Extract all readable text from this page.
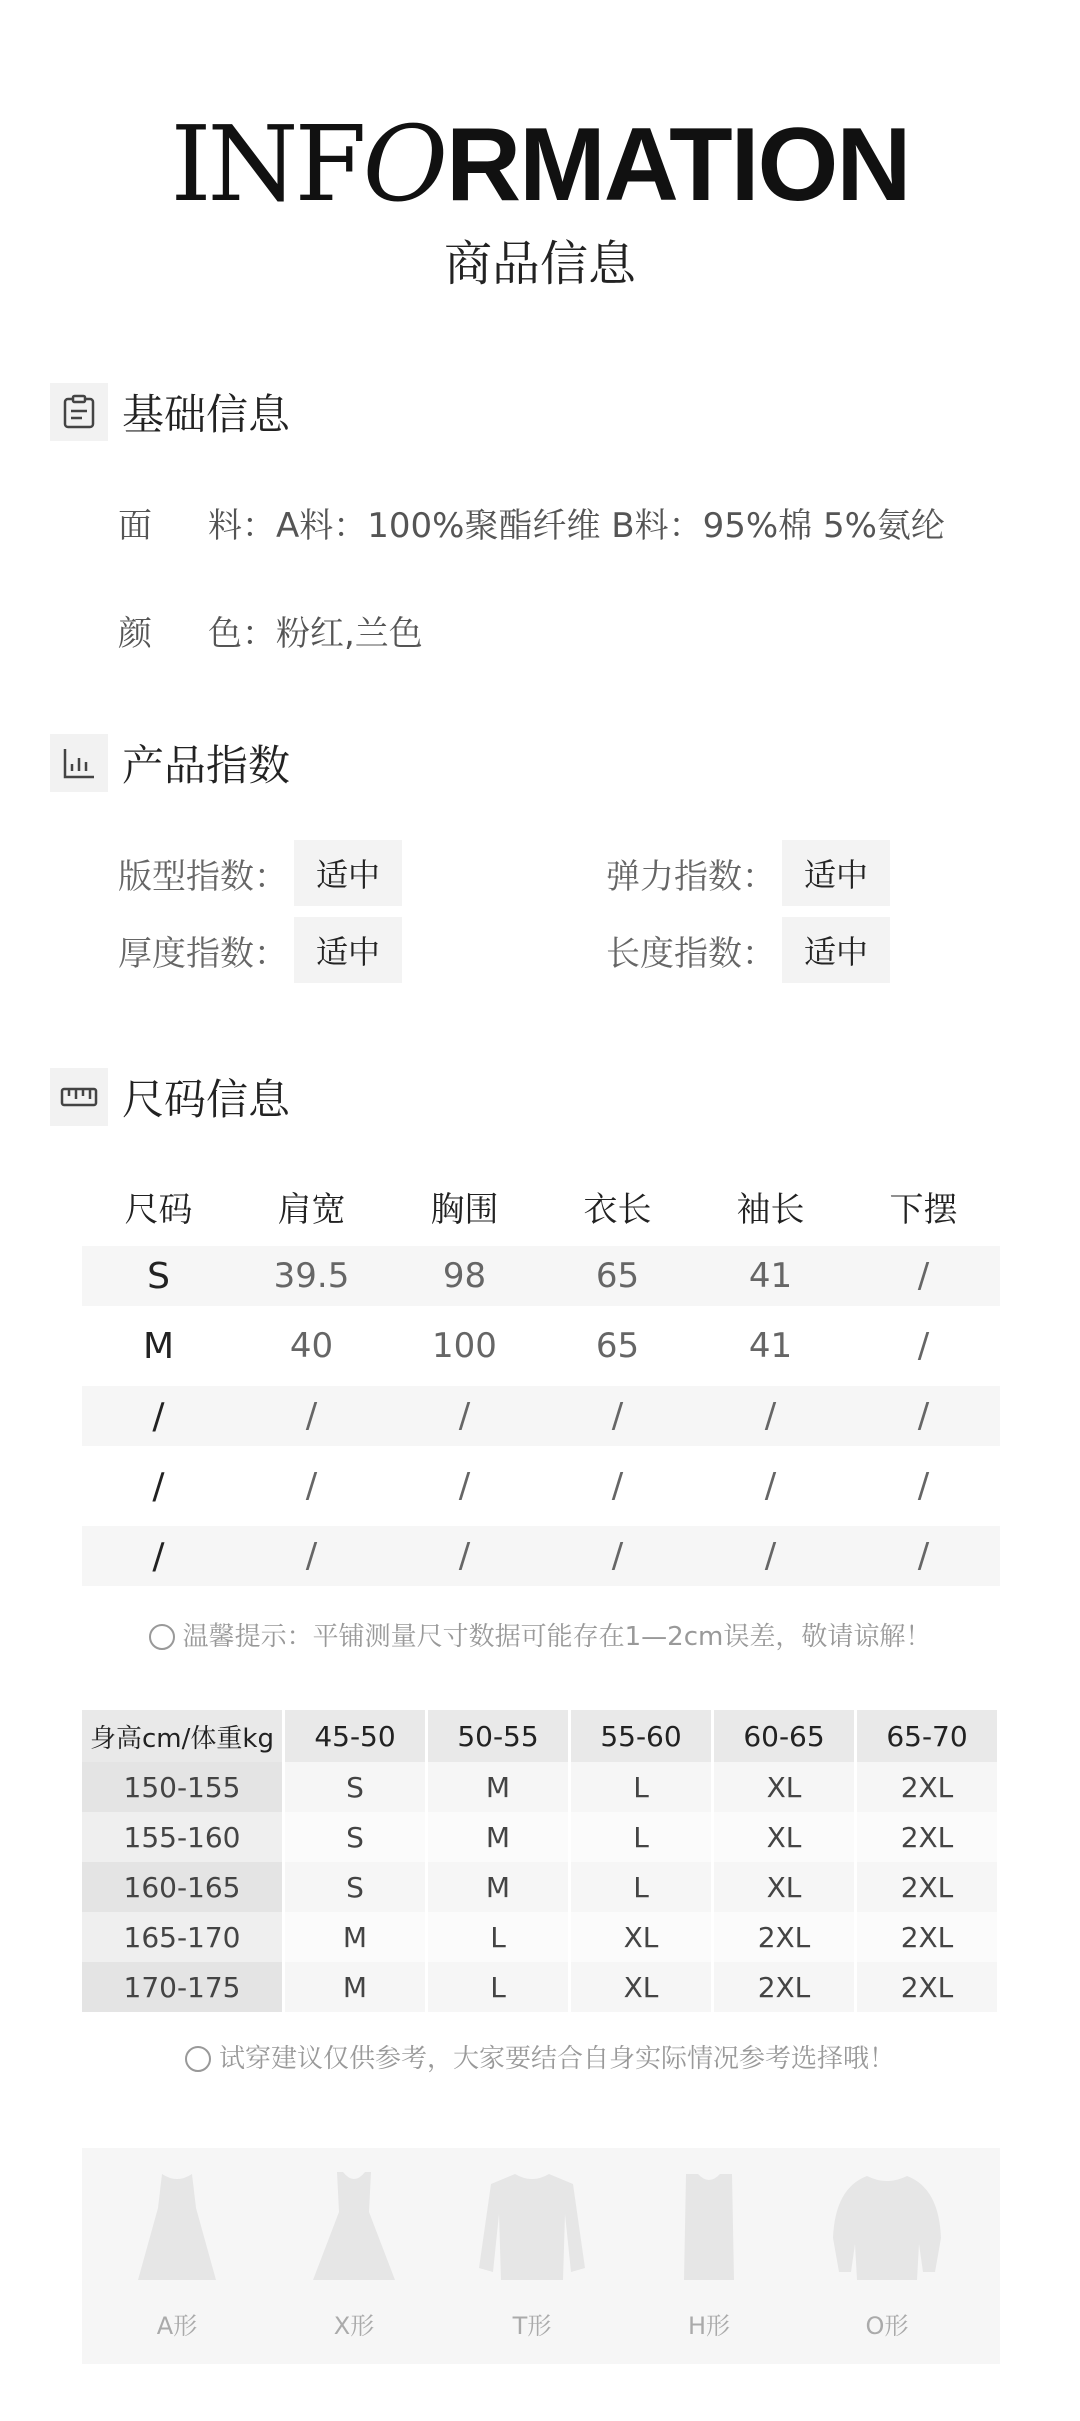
INFORMATION
商品信息
基础信息
面 料：A料：100%聚酯纤维 B料：95%棉 5%氨纶
颜 色：粉红,兰色
产品指数
版型指数： 适中	弹力指数： 适中
厚度指数： 适中	长度指数： 适中
尺码信息
尺码	肩宽	胸围	衣长	袖长	下摆
S	39.5	98	65	41	/
M	40	100	65	41	/
/	/	/	/	/	/
/	/	/	/	/	/
/	/	/	/	/	/
温馨提示：平铺测量尺寸数据可能存在1—2cm误差，敬请谅解！
身高cm/体重kg	45-50	50-55	55-60	60-65	65-70
150-155	S	M	L	XL	2XL
155-160	S	M	L	XL	2XL
160-165	S	M	L	XL	2XL
165-170	M	L	XL	2XL	2XL
170-175	M	L	XL	2XL	2XL
试穿建议仅供参考，大家要结合自身实际情况参考选择哦！
A形	X形	T形	H形	O形
